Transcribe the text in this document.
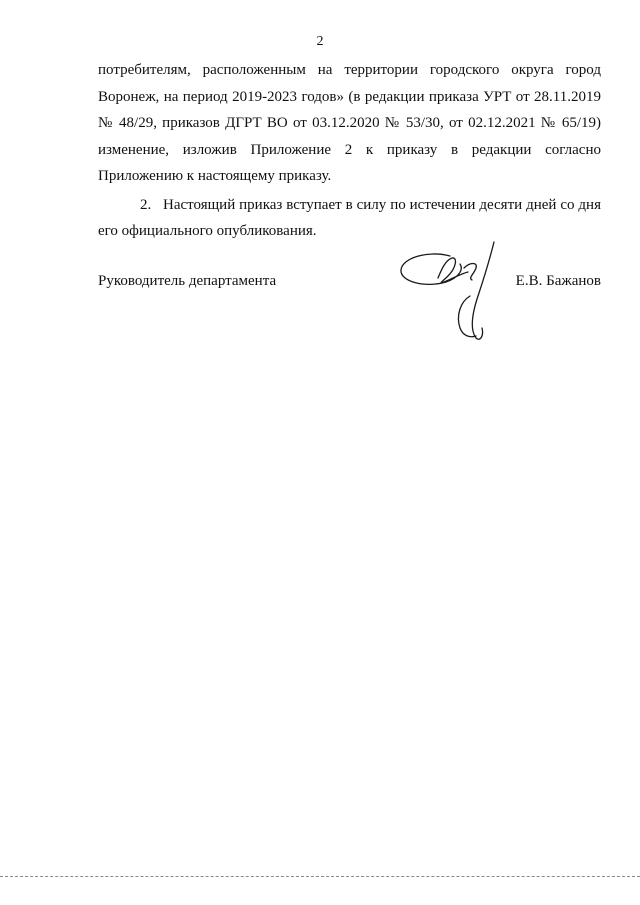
2

потребителям, расположенным на территории городского округа город Воронеж, на период 2019-2023 годов» (в редакции приказа УРТ от 28.11.2019 № 48/29, приказов ДГРТ ВО от 03.12.2020 № 53/30, от 02.12.2021 № 65/19) изменение, изложив Приложение 2 к приказу в редакции согласно Приложению к настоящему приказу.

2.   Настоящий приказ вступает в силу по истечении десяти дней со дня его официального опубликования.

Руководитель департамента	Е.В. Бажанов
